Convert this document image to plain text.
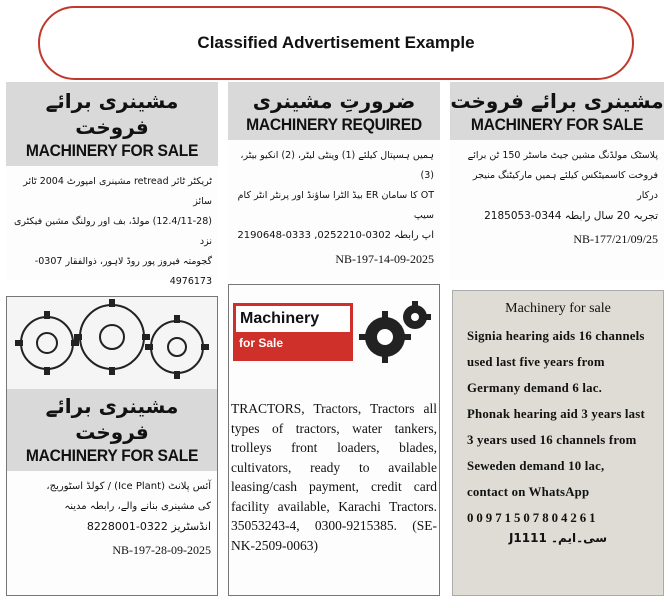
Classified Advertisement Example
مشینری برائے فروخت
MACHINERY FOR SALE
ٹریکٹر ٹائر retread مشینری امپورٹ 2004 ٹائر سائز
(12.4/11-28) مولڈ، بف اور رولنگ مشین فیکٹری نزد
گجومتہ فیروز پور روڈ لاہور، ذوالفقار 0307-4976173
ضرورتِ مشینری
MACHINERY REQUIRED
ہمیں ہسپتال کیلئے (1) وینٹی لیٹر، (2) انکیو بیٹر، (3)
OT کا سامان ER بیڈ الٹرا ساؤنڈ اور پرنٹر انٹر کام سیپ
اپ رابطہ 0302-0252210, 0333-2190648
NB-197-14-09-2025
مشینری برائے فروخت
MACHINERY FOR SALE
پلاسٹک مولڈنگ مشین جیٹ ماسٹر 150 ٹن برائے
فروخت کاسمیٹکس کیلئے ہمیں مارکیٹنگ منیجر درکار
تجربہ 20 سال رابطہ 0344-2185053
NB-177/21/09/25
مشینری برائے فروخت
MACHINERY FOR SALE
آئس پلانٹ (Ice Plant) / کولڈ اسٹوریج،
کی مشینری بنانے والے، رابطہ مدینہ
انڈسٹریز 0322-8228001
NB-197-28-09-2025
Machinery
for Sale
TRACTORS, Tractors, Tractors all types of tractors, water tankers, trolleys front loaders, blades, cultivators, ready to available leasing/cash payment, credit card facility available, Karachi Tractors. 35053243-4, 0300-9215385. (SE-NK-2509-0063)
Machinery for sale
Signia hearing aids 16 channels
used last five years from
Germany demand 6 lac.
Phonak hearing aid 3 years last
3 years used 16 channels from
Seweden demand 10 lac,
contact on WhatsApp
00971507804261
سی۔ایم۔ J1111
